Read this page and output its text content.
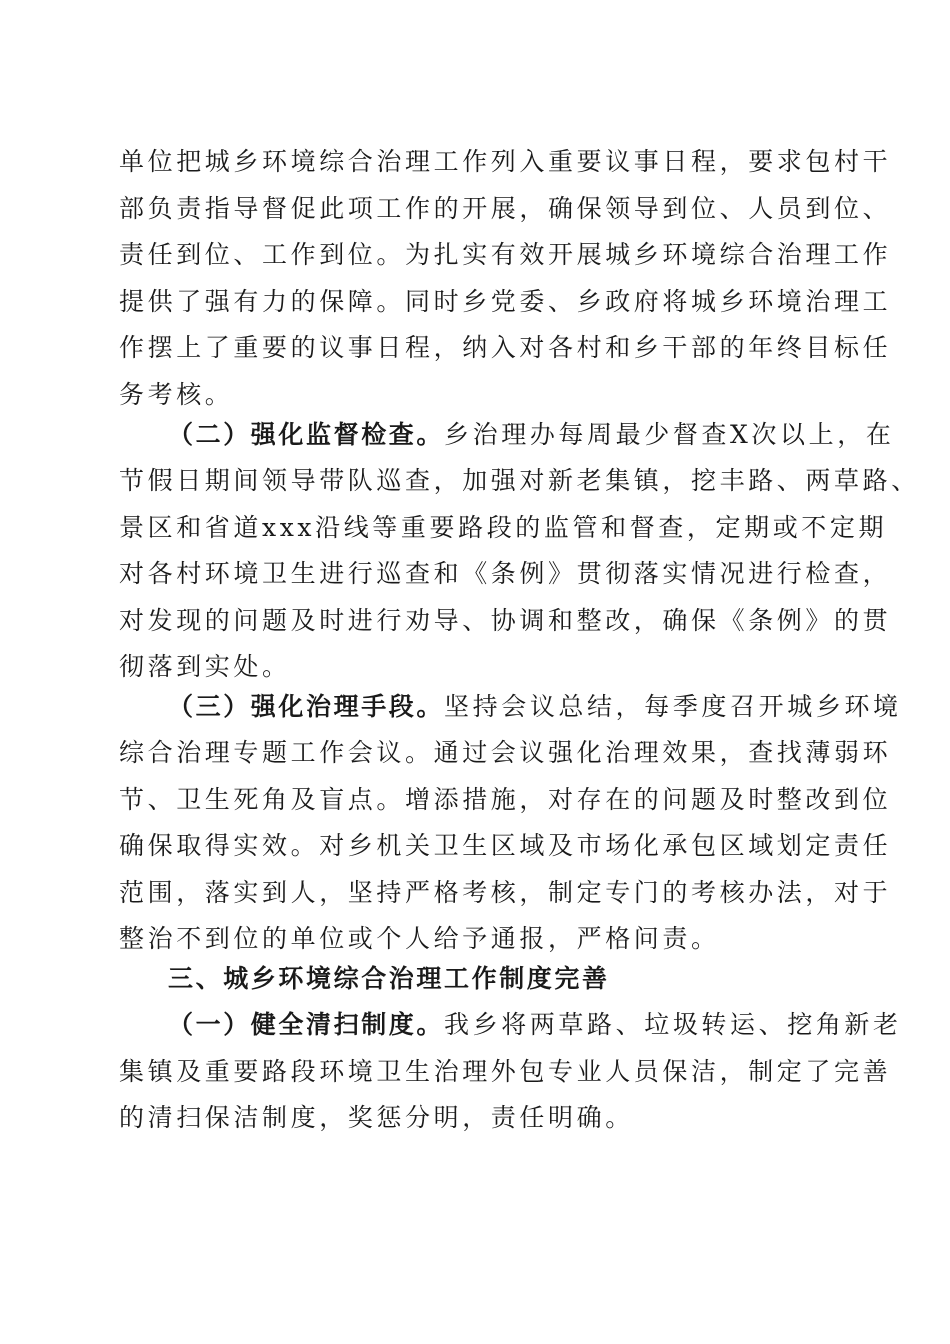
单位把城乡环境综合治理工作列入重要议事日程，要求包村干
部负责指导督促此项工作的开展，确保领导到位、人员到位、
责任到位、工作到位。为扎实有效开展城乡环境综合治理工作
提供了强有力的保障。同时乡党委、乡政府将城乡环境治理工
作摆上了重要的议事日程，纳入对各村和乡干部的年终目标任
务考核。
（二）强化监督检查。乡治理办每周最少督查X次以上，在
节假日期间领导带队巡查，加强对新老集镇，挖丰路、两草路、
景区和省道xxx沿线等重要路段的监管和督查，定期或不定期
对各村环境卫生进行巡查和《条例》贯彻落实情况进行检查，
对发现的问题及时进行劝导、协调和整改，确保《条例》的贯
彻落到实处。
（三）强化治理手段。坚持会议总结，每季度召开城乡环境
综合治理专题工作会议。通过会议强化治理效果，查找薄弱环
节、卫生死角及盲点。增添措施，对存在的问题及时整改到位
确保取得实效。对乡机关卫生区域及市场化承包区域划定责任
范围，落实到人，坚持严格考核，制定专门的考核办法，对于
整治不到位的单位或个人给予通报，严格问责。
三、城乡环境综合治理工作制度完善
（一）健全清扫制度。我乡将两草路、垃圾转运、挖角新老
集镇及重要路段环境卫生治理外包专业人员保洁，制定了完善
的清扫保洁制度，奖惩分明，责任明确。
